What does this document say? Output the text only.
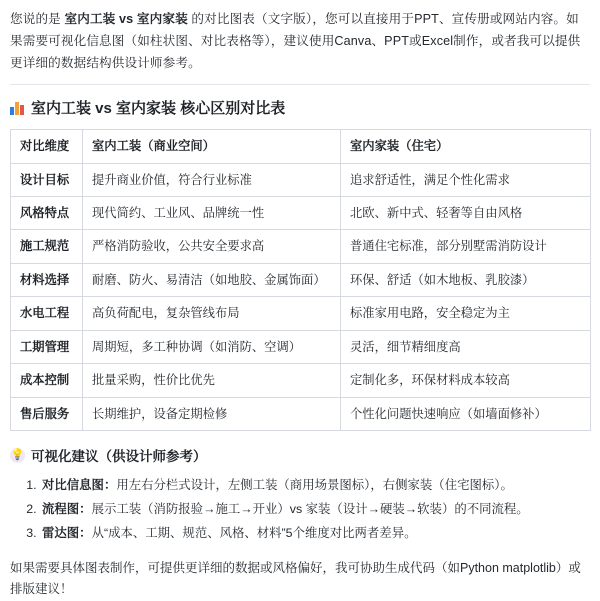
您说的是 室内工装 vs 室内家装 的对比图表（文字版），您可以直接用于PPT、宣传册或网站内容。如果需要可视化信息图（如柱状图、对比表格等），建议使用Canva、PPT或Excel制作，或者我可以提供更详细的数据结构供设计师参考。

室内工装 vs 室内家装 核心区别对比表
对比维度	室内工装（商业空间）	室内家装（住宅）
设计目标	提升商业价值，符合行业标准	追求舒适性，满足个性化需求
风格特点	现代简约、工业风、品牌统一性	北欧、新中式、轻奢等自由风格
施工规范	严格消防验收，公共安全要求高	普通住宅标准，部分别墅需消防设计
材料选择	耐磨、防火、易清洁（如地胶、金属饰面）	环保、舒适（如木地板、乳胶漆）
水电工程	高负荷配电，复杂管线布局	标准家用电路，安全稳定为主
工期管理	周期短，多工种协调（如消防、空调）	灵活，细节精细度高
成本控制	批量采购，性价比优先	定制化多，环保材料成本较高
售后服务	长期维护，设备定期检修	个性化问题快速响应（如墙面修补）
💡 可视化建议（供设计师参考）
1. 对比信息图：用左右分栏式设计，左侧工装（商用场景图标），右侧家装（住宅图标）。
2. 流程图：展示工装（消防报验→施工→开业）vs 家装（设计→硬装→软装）的不同流程。
3. 雷达图：从“成本、工期、规范、风格、材料”5个维度对比两者差异。

如果需要具体图表制作，可提供更详细的数据或风格偏好，我可协助生成代码（如Python matplotlib）或排版建议！
